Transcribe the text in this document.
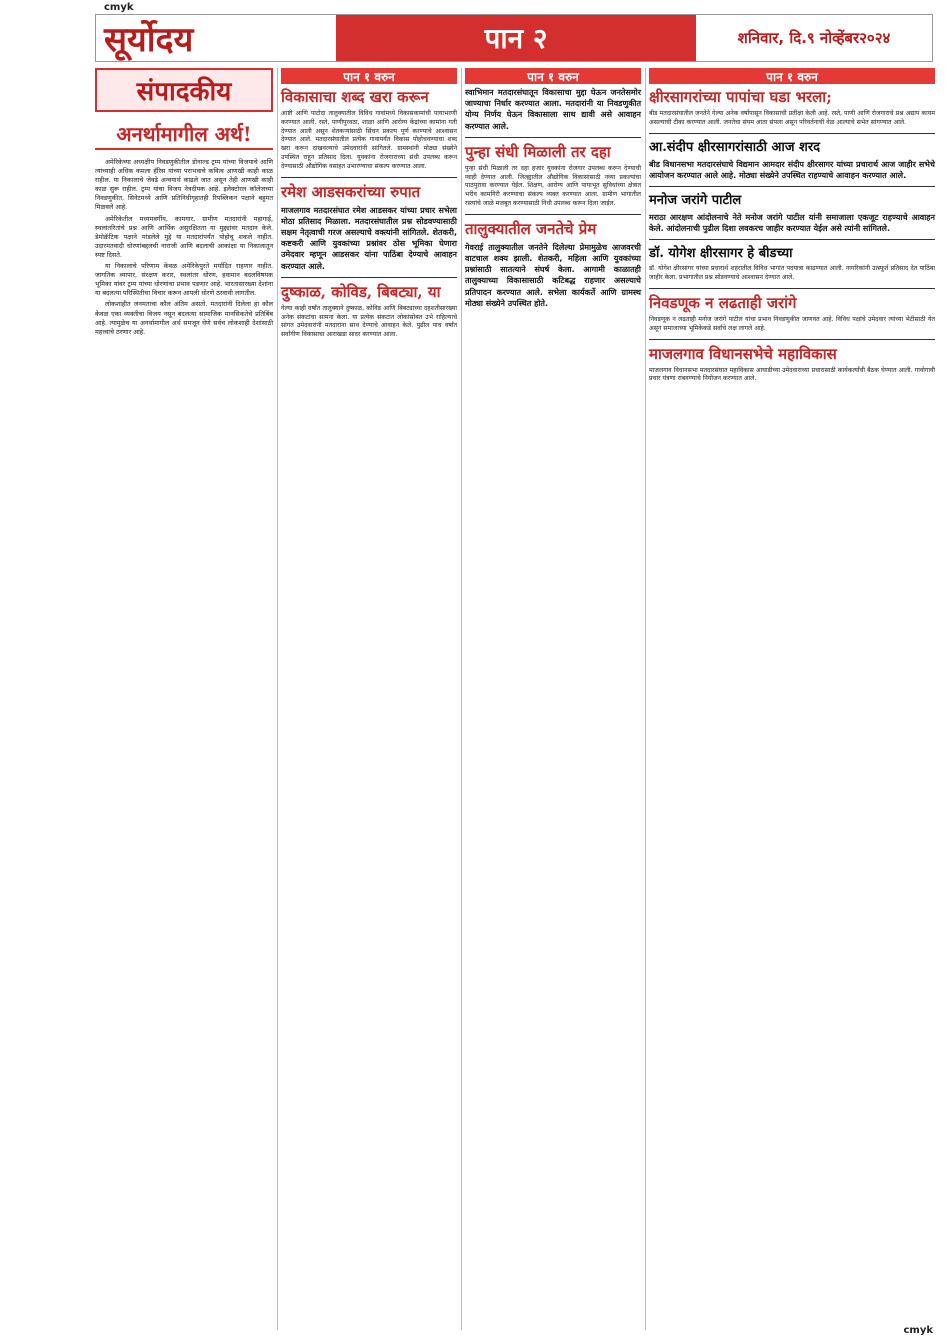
cmyk
सूर्योदय	पान २	शनिवार, दि.९ नोव्हेंबर२०२४
संपादकीय
अनर्थामागील अर्थ!

अमेरिकेच्या अध्यक्षीय निवडणुकीतील डोनाल्ड ट्रम्प यांच्या विजयाचे आणि त्यांच्याही अधिक कमला हॅरिस यांच्या पराभवाचे कवित्व आणखी काही काळ राहील. या निकालाचे जेवढे अन्वयार्थ काढले जात असून तेही आणखी काही काळ सुरू राहील. ट्रम्प यांचा विजय नेत्रदीपक आहे. इलेक्टोरल कॉलेजच्या निवडणुकीत, सिनेटमध्ये आणि प्रतिनिधीगृहातही रिपब्लिकन पक्षाने बहुमत मिळवले आहे.

अमेरिकेतील मध्यमवर्गीय, कामगार, ग्रामीण मतदारांनी महागाई, स्थलांतरितांचे प्रश्न आणि आर्थिक असुरक्षितता या मुद्द्यांवर मतदान केले. डेमोक्रॅटिक पक्षाने मांडलेले मुद्दे या मतदारांपर्यंत पोहोचू शकले नाहीत. उदारमतवादी धोरणांबद्दलची नाराजी आणि बदलाची आकांक्षा या निकालातून स्पष्ट दिसते.

या निकालाचे परिणाम केवळ अमेरिकेपुरते मर्यादित राहणार नाहीत. जागतिक व्यापार, संरक्षण करार, स्थलांतर धोरण, हवामान बदलविषयक भूमिका यांवर ट्रम्प यांच्या धोरणांचा प्रभाव पडणार आहे. भारतासारख्या देशांना या बदलत्या परिस्थितीचा विचार करून आपली धोरणे ठरवावी लागतील.

लोकशाहीत जनमताचा कौल अंतिम असतो. मतदारांनी दिलेला हा कौल केवळ एका व्यक्तीचा विजय नसून बदलत्या सामाजिक मानसिकतेचे प्रतिबिंब आहे. त्यामुळेच या अनर्थामागील अर्थ समजून घेणे सर्वच लोकशाही देशांसाठी महत्त्वाचे ठरणार आहे.

पान १ वरुन
विकासाचा शब्द खरा करून
आष्टी आणि पाटोदा तालुक्यातील विविध गावांमध्ये विकासकामांची पायाभरणी करण्यात आली. रस्ते, पाणीपुरवठा, शाळा आणि आरोग्य केंद्रांच्या कामांना गती देण्यात आली असून शेतकऱ्यांसाठी सिंचन प्रकल्प पूर्ण करण्याचे आश्वासन देण्यात आले. मतदारसंघातील प्रत्येक गावापर्यंत विकास पोहोचवण्याचा शब्द खरा करून दाखवल्याचे उमेदवारांनी सांगितले. ग्रामस्थांनी मोठ्या संख्येने उपस्थित राहून प्रतिसाद दिला. युवकांना रोजगाराच्या संधी उपलब्ध करून देण्यासाठी औद्योगिक वसाहत उभारण्याचा संकल्प करण्यात आला.
रमेश आडसकरांच्या रुपात
माजलगाव मतदारसंघात रमेश आडसकर यांच्या प्रचार सभेला मोठा प्रतिसाद मिळाला. मतदारसंघातील प्रश्न सोडवण्यासाठी सक्षम नेतृत्वाची गरज असल्याचे वक्त्यांनी सांगितले. शेतकरी, कष्टकरी आणि युवकांच्या प्रश्नांवर ठोस भूमिका घेणारा उमेदवार म्हणून आडसकर यांना पाठिंबा देण्याचे आवाहन करण्यात आले.
दुष्काळ, कोविड, बिबट्या, या
गेल्या काही वर्षांत तालुक्याने दुष्काळ, कोविड आणि बिबट्याच्या दहशतीसारख्या अनेक संकटांचा सामना केला. या प्रत्येक संकटात लोकांसोबत उभे राहिल्याचे सांगत उमेदवारांनी मतदारांना साथ देण्याचे आवाहन केले. पुढील पाच वर्षांत सर्वांगीण विकासाचा आराखडा सादर करण्यात आला.
पान १ वरुन
स्वाभिमान मतदारसंघातून विकासाचा मुद्दा घेऊन जनतेसमोर जाण्याचा निर्धार करण्यात आला. मतदारांनी या निवडणुकीत योग्य निर्णय घेऊन विकासाला साथ द्यावी असे आवाहन करण्यात आले.
पुन्हा संधी मिळाली तर दहा
पुन्हा संधी मिळाली तर दहा हजार युवकांना रोजगार उपलब्ध करून देण्याची ग्वाही देण्यात आली. जिल्ह्यातील औद्योगिक विकासासाठी नव्या प्रकल्पांचा पाठपुरावा करण्यात येईल. शिक्षण, आरोग्य आणि पायाभूत सुविधांच्या क्षेत्रात भरीव कामगिरी करण्याचा संकल्प व्यक्त करण्यात आला. ग्रामीण भागातील रस्त्यांचे जाळे मजबूत करण्यासाठी निधी उपलब्ध करून दिला जाईल.
तालुक्यातील जनतेचे प्रेम
गेवराई तालुक्यातील जनतेने दिलेल्या प्रेमामुळेच आजवरची वाटचाल शक्य झाली. शेतकरी, महिला आणि युवकांच्या प्रश्नांसाठी सातत्याने संघर्ष केला. आगामी काळातही तालुक्याच्या विकासासाठी कटिबद्ध राहणार असल्याचे प्रतिपादन करण्यात आले. सभेला कार्यकर्ते आणि ग्रामस्थ मोठ्या संख्येने उपस्थित होते.
पान १ वरुन
क्षीरसागरांच्या पापांचा घडा भरला;
बीड मतदारसंघातील जनतेने गेल्या अनेक वर्षांपासून विकासाची प्रतीक्षा केली आहे. रस्ते, पाणी आणि रोजगाराचे प्रश्न अद्याप कायम असल्याची टीका करण्यात आली. जनतेचा संयम आता संपला असून परिवर्तनाची वेळ आल्याचे सभेत सांगण्यात आले.
आ.संदीप क्षीरसागरांसाठी आज शरद
बीड विधानसभा मतदारसंघाचे विद्यमान आमदार संदीप क्षीरसागर यांच्या प्रचारार्थ आज जाहीर सभेचे आयोजन करण्यात आले आहे. मोठ्या संख्येने उपस्थित राहण्याचे आवाहन करण्यात आले.
मनोज जरांगे पाटील
मराठा आरक्षण आंदोलनाचे नेते मनोज जरांगे पाटील यांनी समाजाला एकजूट राहण्याचे आवाहन केले. आंदोलनाची पुढील दिशा लवकरच जाहीर करण्यात येईल असे त्यांनी सांगितले.
डॉ. योगेश क्षीरसागर हे बीडच्या
डॉ. योगेश क्षीरसागर यांच्या प्रचारार्थ शहरातील विविध भागांत पदयात्रा काढण्यात आली. नागरिकांनी उत्स्फूर्त प्रतिसाद देत पाठिंबा जाहीर केला. प्रभागातील प्रश्न सोडवण्याचे आश्वासन देण्यात आले.
निवडणूक न लढताही जरांगे
निवडणूक न लढताही मनोज जरांगे पाटील यांचा प्रभाव निवडणुकीत जाणवत आहे. विविध पक्षांचे उमेदवार त्यांच्या भेटीसाठी येत असून समाजाच्या भूमिकेकडे सर्वांचे लक्ष लागले आहे.
माजलगाव विधानसभेचे महाविकास
माजलगाव विधानसभा मतदारसंघात महाविकास आघाडीच्या उमेदवाराच्या प्रचारासाठी कार्यकर्त्यांची बैठक घेण्यात आली. गावोगावी प्रचार यंत्रणा राबवण्याचे नियोजन करण्यात आले.
cmyk
